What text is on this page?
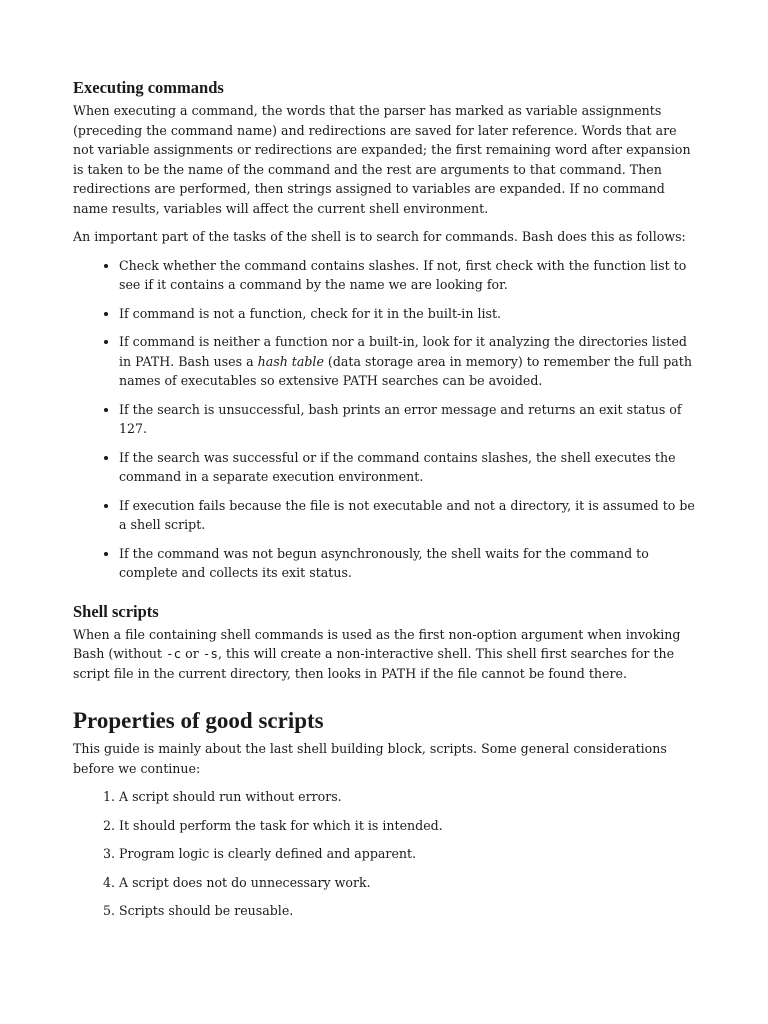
Executing commands

When executing a command, the words that the parser has marked as variable assignments (preceding the command name) and redirections are saved for later reference. Words that are not variable assignments or redirections are expanded; the first remaining word after expansion is taken to be the name of the command and the rest are arguments to that command. Then redirections are performed, then strings assigned to variables are expanded. If no command name results, variables will affect the current shell environment.

An important part of the tasks of the shell is to search for commands. Bash does this as follows:

• Check whether the command contains slashes. If not, first check with the function list to see if it contains a command by the name we are looking for.
• If command is not a function, check for it in the built-in list.
• If command is neither a function nor a built-in, look for it analyzing the directories listed in PATH. Bash uses a hash table (data storage area in memory) to remember the full path names of executables so extensive PATH searches can be avoided.
• If the search is unsuccessful, bash prints an error message and returns an exit status of 127.
• If the search was successful or if the command contains slashes, the shell executes the command in a separate execution environment.
• If execution fails because the file is not executable and not a directory, it is assumed to be a shell script.
• If the command was not begun asynchronously, the shell waits for the command to complete and collects its exit status.
Shell scripts

When a file containing shell commands is used as the first non-option argument when invoking Bash (without -c or -s, this will create a non-interactive shell. This shell first searches for the script file in the current directory, then looks in PATH if the file cannot be found there.

Properties of good scripts

This guide is mainly about the last shell building block, scripts. Some general considerations before we continue:

1. A script should run without errors.
2. It should perform the task for which it is intended.
3. Program logic is clearly defined and apparent.
4. A script does not do unnecessary work.
5. Scripts should be reusable.
